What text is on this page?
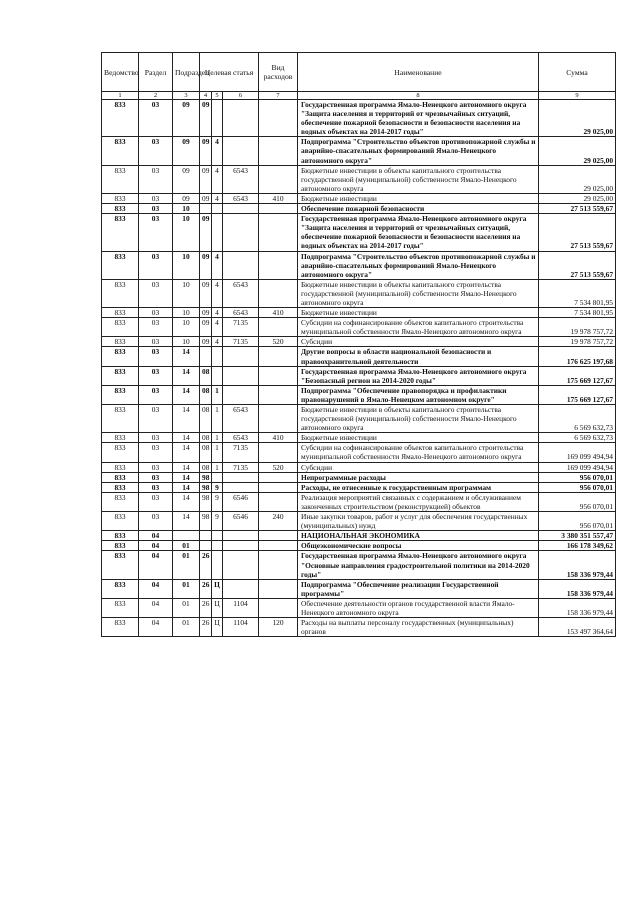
Ведомство	Раздел	Подраздел	Целевая статья			Вид расходов	Наименование	Сумма
1	2	3	4	5	6	7	8	9
833	03	09	09				Государственная программа Ямало-Ненецкого автономного округа "Защита населения и территорий от чрезвычайных ситуаций, обеспечение пожарной безопасности и безопасности населения на водных объектах на 2014-2017 годы"	29 025,00
833	03	09	09	4			Подпрограмма "Строительство объектов противопожарной службы и аварийно-спасательных формирований Ямало-Ненецкого автономного округа"	29 025,00
833	03	09	09	4	6543		Бюджетные инвестиции в объекты капитального строительства государственной (муниципальной) собственности Ямало-Ненецкого автономного округа	29 025,00
833	03	09	09	4	6543	410	Бюджетные инвестиции	29 025,00
833	03	10					Обеспечение пожарной безопасности	27 513 559,67
833	03	10	09				Государственная программа Ямало-Ненецкого автономного округа "Защита населения и территорий от чрезвычайных ситуаций, обеспечение пожарной безопасности и безопасности населения на водных объектах на 2014-2017 годы"	27 513 559,67
833	03	10	09	4			Подпрограмма "Строительство объектов противопожарной службы и аварийно-спасательных формирований Ямало-Ненецкого автономного округа"	27 513 559,67
833	03	10	09	4	6543		Бюджетные инвестиции в объекты капитального строительства государственной (муниципальной) собственности Ямало-Ненецкого автономного округа	7 534 801,95
833	03	10	09	4	6543	410	Бюджетные инвестиции	7 534 801,95
833	03	10	09	4	7135		Субсидии на софинансирование объектов капитального строительства муниципальной собственности Ямало-Ненецкого автономного округа	19 978 757,72
833	03	10	09	4	7135	520	Субсидии	19 978 757,72
833	03	14					Другие вопросы в области национальной безопасности и правоохранительной деятельности	176 625 197,68
833	03	14	08				Государственная программа Ямало-Ненецкого автономного округа "Безопасный регион на 2014-2020 годы"	175 669 127,67
833	03	14	08	1			Подпрограмма "Обеспечение правопорядка и профилактики правонарушений в Ямало-Ненецком автономном округе"	175 669 127,67
833	03	14	08	1	6543		Бюджетные инвестиции в объекты капитального строительства государственной (муниципальной) собственности Ямало-Ненецкого автономного округа	6 569 632,73
833	03	14	08	1	6543	410	Бюджетные инвестиции	6 569 632,73
833	03	14	08	1	7135		Субсидии на софинансирование объектов капитального строительства муниципальной собственности Ямало-Ненецкого автономного округа	169 099 494,94
833	03	14	08	1	7135	520	Субсидии	169 099 494,94
833	03	14	98				Непрограммные расходы	956 070,01
833	03	14	98	9			Расходы, не отнесенные к государственным программам	956 070,01
833	03	14	98	9	6546		Реализация мероприятий связанных с содержанием и обслуживанием законченных строительством (реконструкцией) объектов	956 070,01
833	03	14	98	9	6546	240	Иные закупки товаров, работ и услуг для обеспечения государственных (муниципальных) нужд	956 070,01
833	04						НАЦИОНАЛЬНАЯ ЭКОНОМИКА	3 380 351 557,47
833	04	01					Общеэкономические вопросы	166 178 349,62
833	04	01	26				Государственная программа Ямало-Ненецкого автономного округа "Основные направления градостроительной политики на 2014-2020 годы"	158 336 979,44
833	04	01	26	Ц			Подпрограмма "Обеспечение реализации Государственной программы"	158 336 979,44
833	04	01	26	Ц	1104		Обеспечение деятельности органов государственной власти Ямало-Ненецкого автономного округа	158 336 979,44
833	04	01	26	Ц	1104	120	Расходы на выплаты персоналу государственных (муниципальных) органов	153 497 364,64
